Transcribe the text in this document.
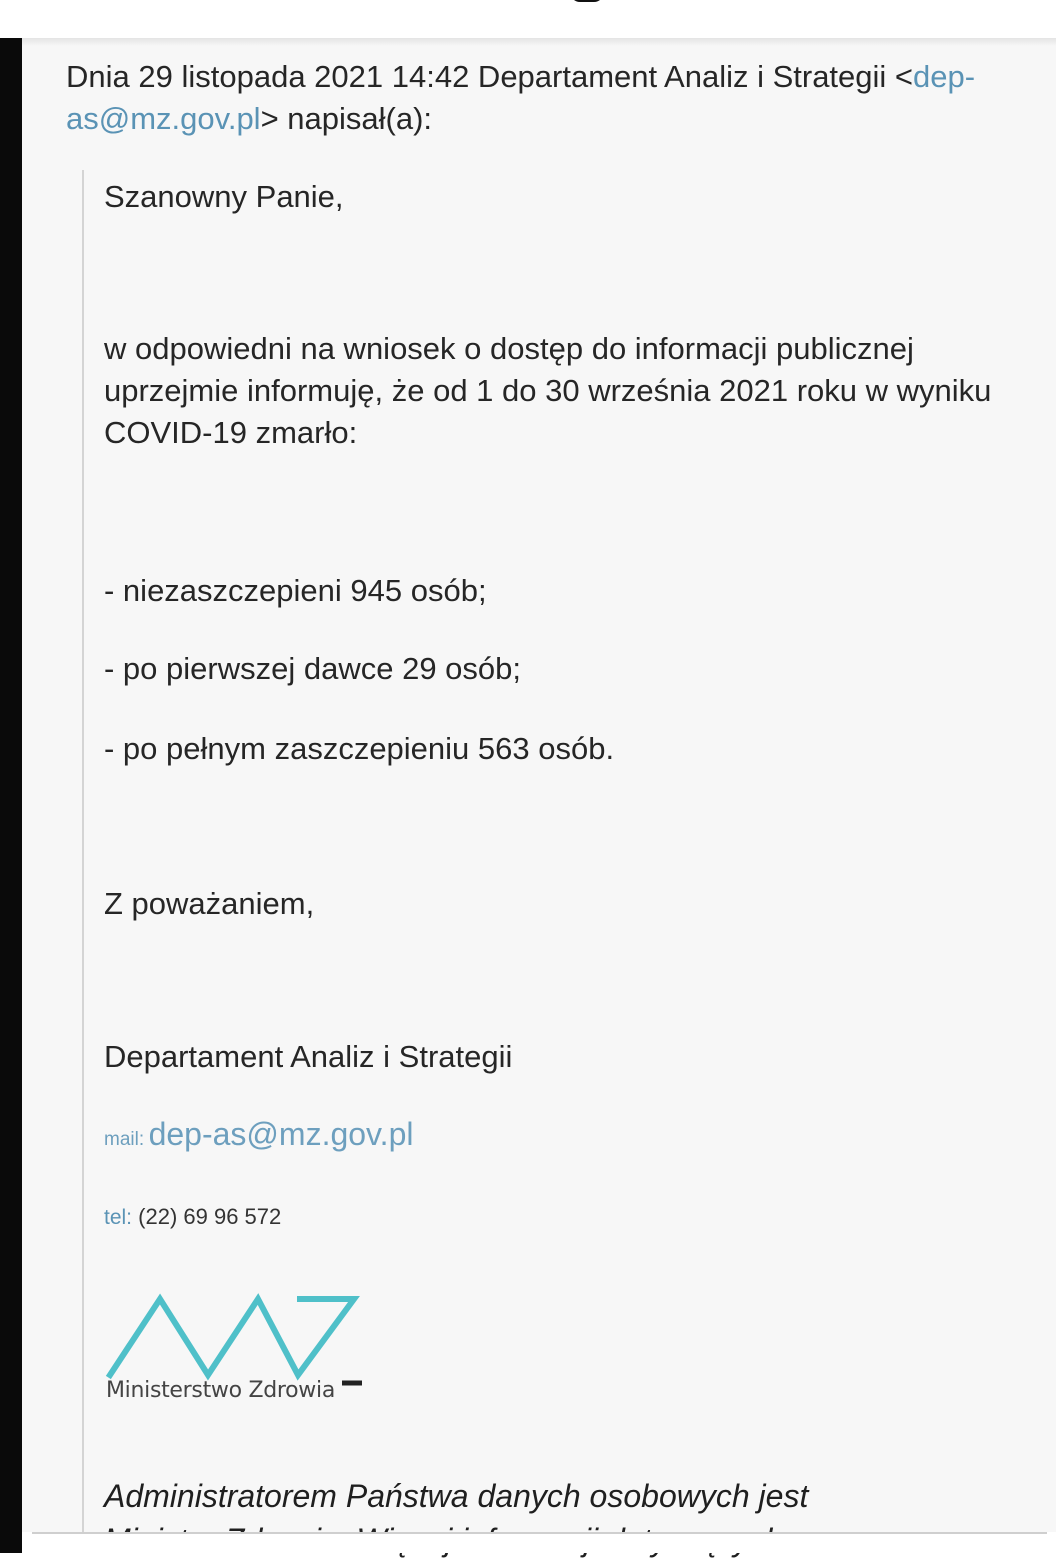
Dnia 29 listopada 2021 14:42 Departament Analiz i Strategii <dep-as@mz.gov.pl> napisał(a):
Szanowny Panie,
w odpowiedni na wniosek o dostęp do informacji publicznej uprzejmie informuję, że od 1 do 30 września 2021 roku w wyniku COVID-19 zmarło:
- niezaszczepieni 945 osób;
- po pierwszej dawce 29 osób;
- po pełnym zaszczepieniu 563 osób.
Z poważaniem,
Departament Analiz i Strategii
mail: dep-as@mz.gov.pl
tel: (22) 69 96 572
Ministerstwo Zdrowia
Administratorem Państwa danych osobowych jest
